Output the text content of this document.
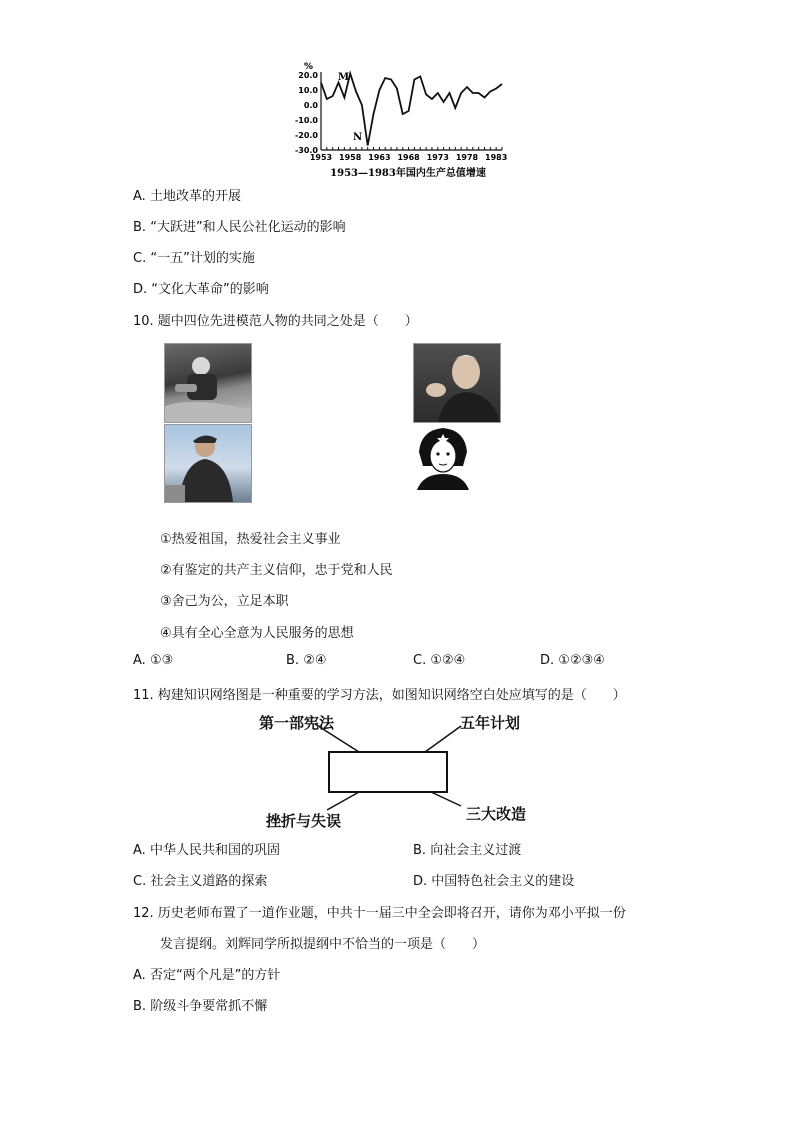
%
20.0
10.0
0.0
-10.0
-20.0
-30.0
1953 1958 1963 1968 1973 1978 1983
M
N
1953—1983年国内生产总值增速
A. 土地改革的开展
B. “大跃进”和人民公社化运动的影响
C. “一五”计划的实施
D. “文化大革命”的影响
10. 题中四位先进模范人物的共同之处是（　　）
①热爱祖国，热爱社会主义事业
②有鉴定的共产主义信仰，忠于党和人民
③舍己为公，立足本职
④具有全心全意为人民服务的思想
A. ①③	B. ②④	C. ①②④	D. ①②③④
11. 构建知识网络图是一种重要的学习方法，如图知识网络空白处应填写的是（　　）
第一部宪法	五年计划
挫折与失误	三大改造
A. 中华人民共和国的巩固	B. 向社会主义过渡
C. 社会主义道路的探索	D. 中国特色社会主义的建设
12. 历史老师布置了一道作业题，中共十一届三中全会即将召开，请你为邓小平拟一份
发言提纲。刘辉同学所拟提纲中不恰当的一项是（　　）
A. 否定“两个凡是”的方针
B. 阶级斗争要常抓不懈
